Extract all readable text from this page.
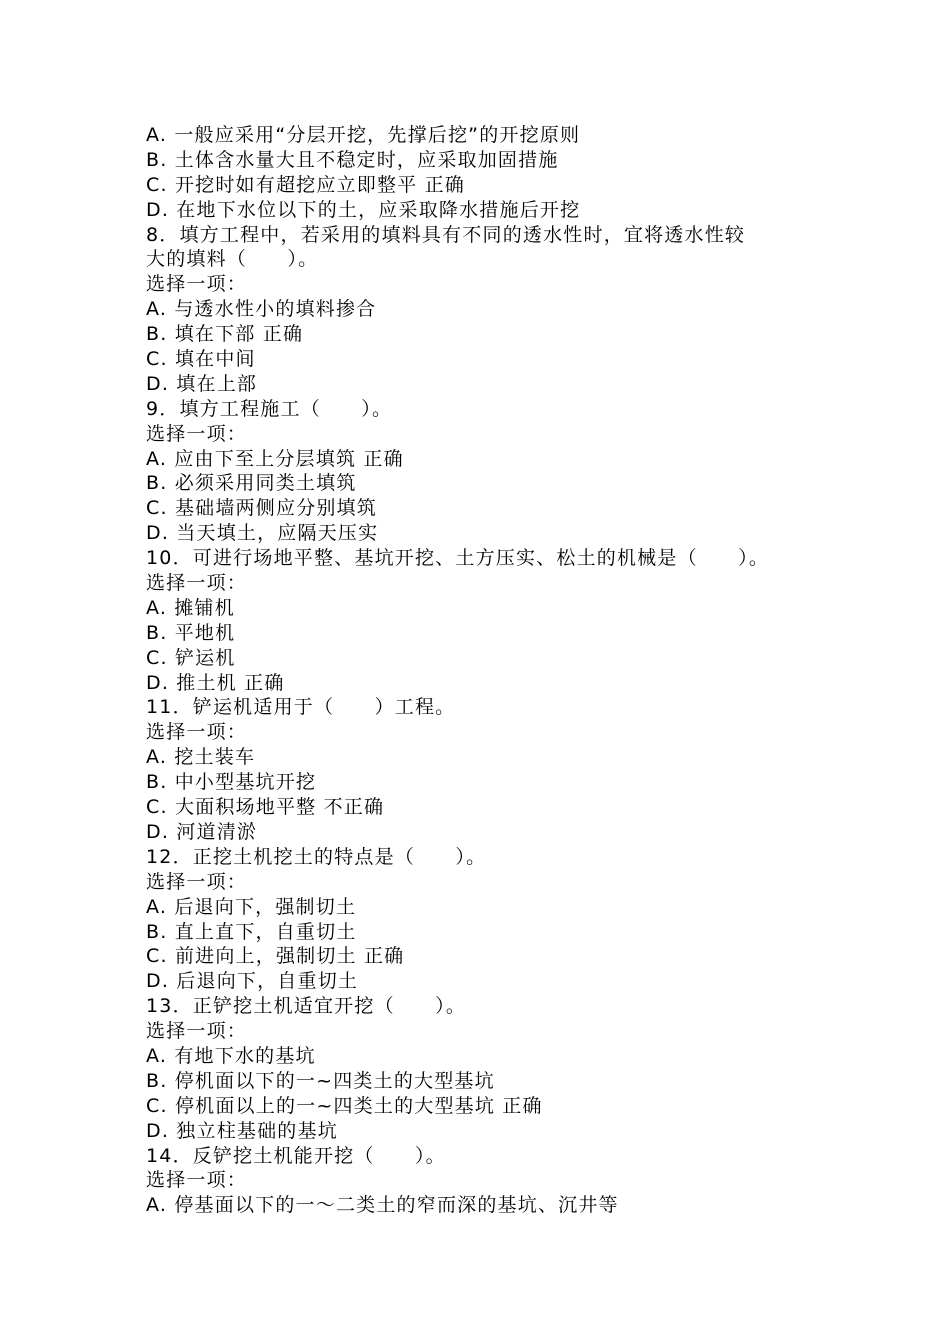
A. 一般应采用“分层开挖，先撑后挖”的开挖原则
B. 土体含水量大且不稳定时，应采取加固措施
C. 开挖时如有超挖应立即整平 正确
D. 在地下水位以下的土，应采取降水措施后开挖
8．填方工程中，若采用的填料具有不同的透水性时，宜将透水性较
大的填料（　　）。
选择一项：
A. 与透水性小的填料掺合
B. 填在下部 正确
C. 填在中间
D. 填在上部
9．填方工程施工（　　）。
选择一项：
A. 应由下至上分层填筑 正确
B. 必须采用同类土填筑
C. 基础墙两侧应分别填筑
D. 当天填土，应隔天压实
10．可进行场地平整、基坑开挖、土方压实、松土的机械是（　　）。
选择一项：
A. 摊铺机
B. 平地机
C. 铲运机
D. 推土机 正确
11．铲运机适用于（　　）工程。
选择一项：
A. 挖土装车
B. 中小型基坑开挖
C. 大面积场地平整 不正确
D. 河道清淤
12．正挖土机挖土的特点是（　　）。
选择一项：
A. 后退向下，强制切土
B. 直上直下，自重切土
C. 前进向上，强制切土 正确
D. 后退向下，自重切土
13．正铲挖土机适宜开挖（　　）。
选择一项：
A. 有地下水的基坑
B. 停机面以下的一~四类土的大型基坑
C. 停机面以上的一~四类土的大型基坑 正确
D. 独立柱基础的基坑
14．反铲挖土机能开挖（　　）。
选择一项：
A. 停基面以下的一～二类土的窄而深的基坑、沉井等
